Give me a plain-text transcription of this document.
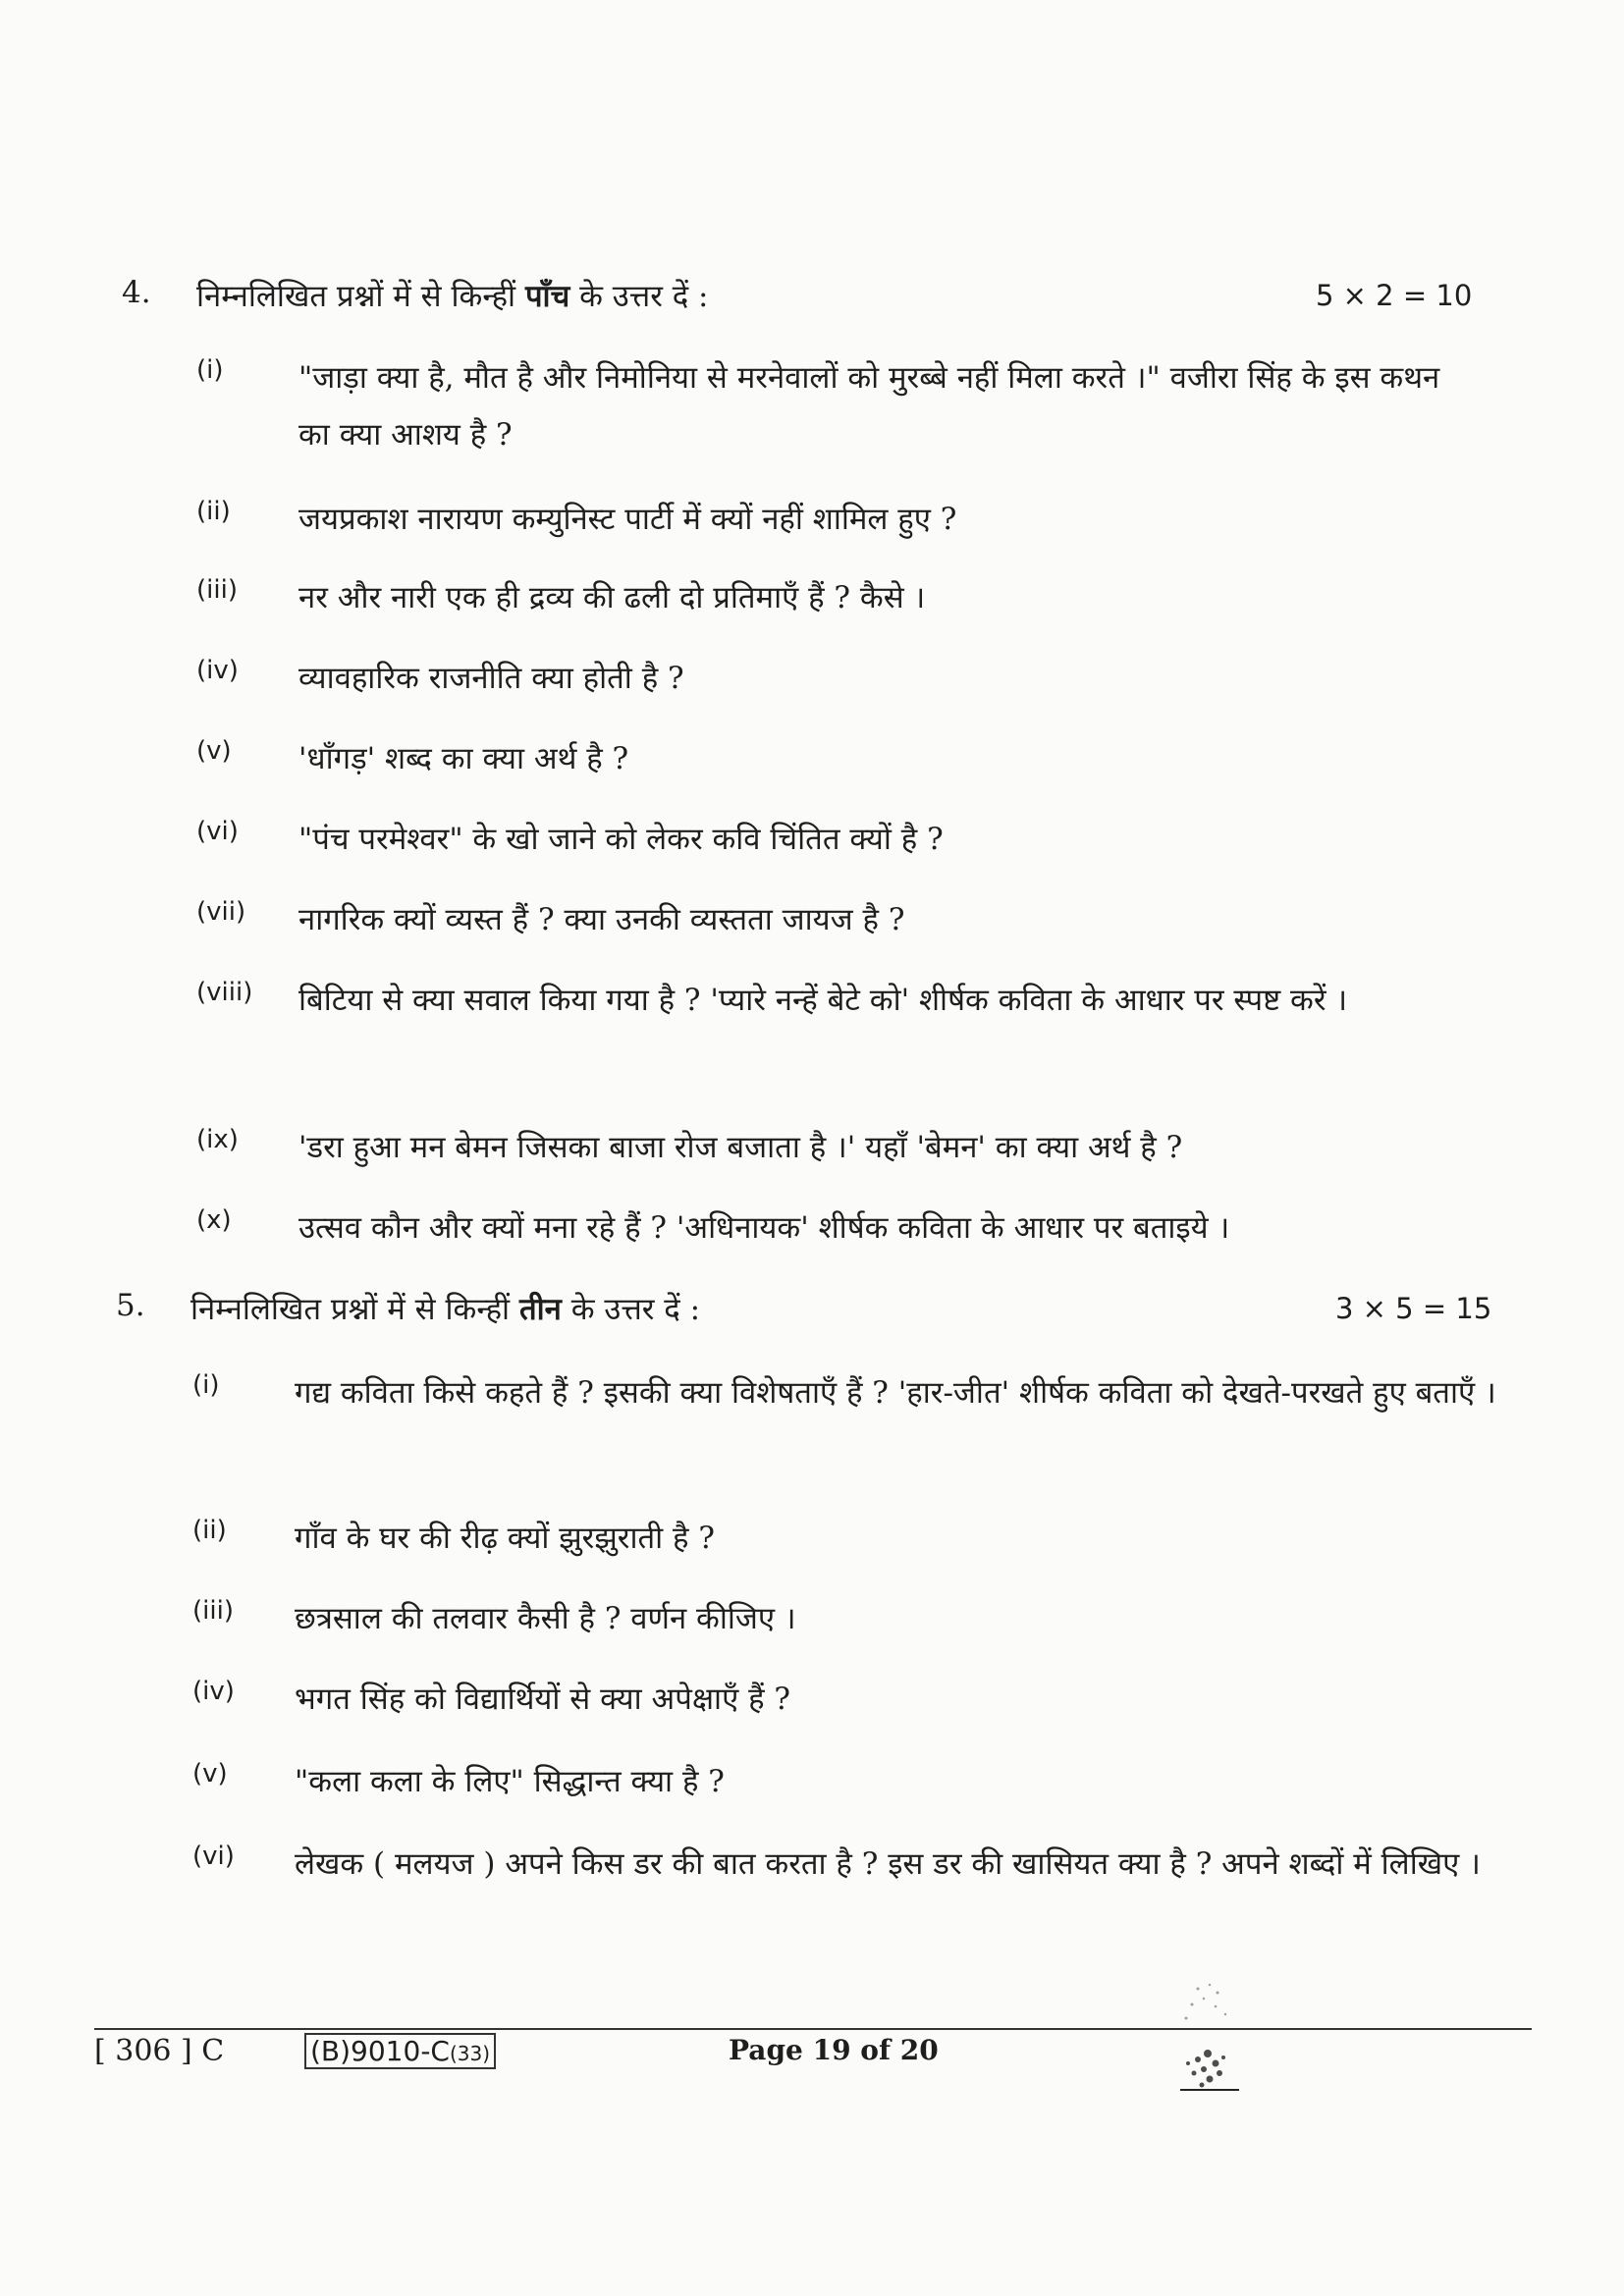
4. निम्नलिखित प्रश्नों में से किन्हीं पाँच के उत्तर दें :	5 × 2 = 10
(i) "जाड़ा क्या है, मौत है और निमोनिया से मरनेवालों को मुरब्बे नहीं मिला करते ।" वजीरा सिंह के इस कथन का क्या आशय है ?
(ii) जयप्रकाश नारायण कम्युनिस्ट पार्टी में क्यों नहीं शामिल हुए ?
(iii) नर और नारी एक ही द्रव्य की ढली दो प्रतिमाएँ हैं ? कैसे ।
(iv) व्यावहारिक राजनीति क्या होती है ?
(v) 'धाँगड़' शब्द का क्या अर्थ है ?
(vi) "पंच परमेश्वर" के खो जाने को लेकर कवि चिंतित क्यों है ?
(vii) नागरिक क्यों व्यस्त हैं ? क्या उनकी व्यस्तता जायज है ?
(viii) बिटिया से क्या सवाल किया गया है ? 'प्यारे नन्हें बेटे को' शीर्षक कविता के आधार पर स्पष्ट करें ।
(ix) 'डरा हुआ मन बेमन जिसका बाजा रोज बजाता है ।' यहाँ 'बेमन' का क्या अर्थ है ?
(x) उत्सव कौन और क्यों मना रहे हैं ? 'अधिनायक' शीर्षक कविता के आधार पर बताइये ।
5. निम्नलिखित प्रश्नों में से किन्हीं तीन के उत्तर दें :	3 × 5 = 15
(i) गद्य कविता किसे कहते हैं ? इसकी क्या विशेषताएँ हैं ? 'हार-जीत' शीर्षक कविता को देखते-परखते हुए बताएँ ।
(ii) गाँव के घर की रीढ़ क्यों झुरझुराती है ?
(iii) छत्रसाल की तलवार कैसी है ? वर्णन कीजिए ।
(iv) भगत सिंह को विद्यार्थियों से क्या अपेक्षाएँ हैं ?
(v) "कला कला के लिए" सिद्धान्त क्या है ?
(vi) लेखक ( मलयज ) अपने किस डर की बात करता है ? इस डर की खासियत क्या है ? अपने शब्दों में लिखिए ।
[ 306 ] C	(B)9010-C(33)	Page 19 of 20
